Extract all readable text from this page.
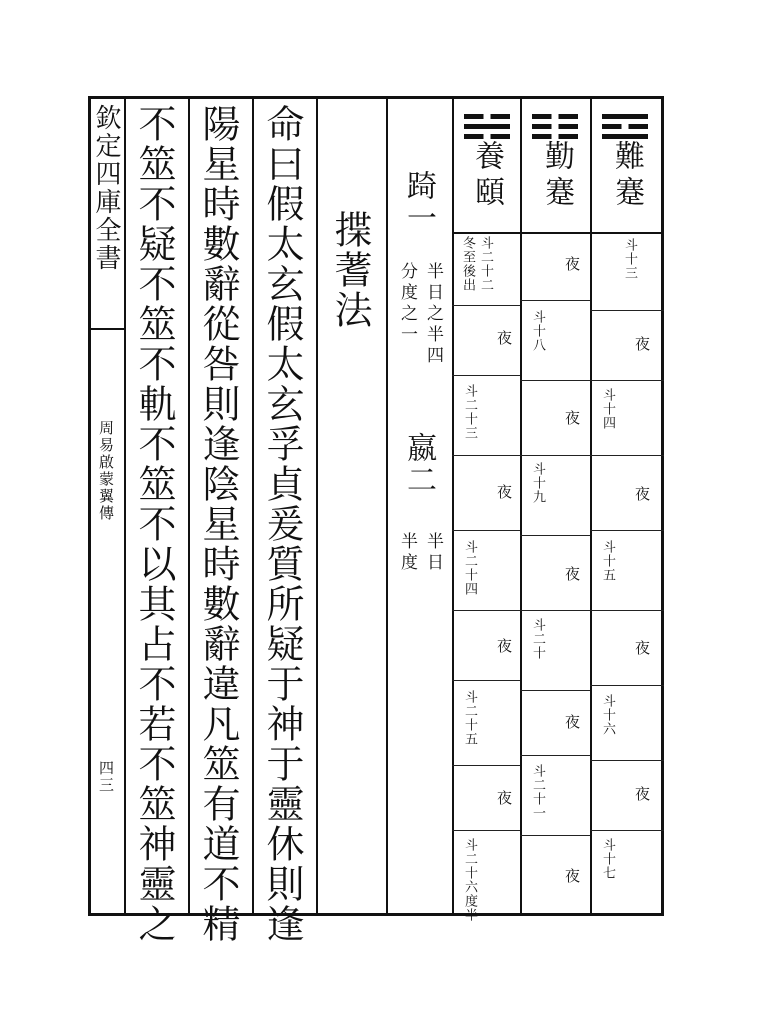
欽定四庫全書
周易啟蒙翼傳
四三	命曰假太玄假太玄孚貞爰質所疑于神于靈休則逢
陽星時數辭從咎則逢陰星時數辭違凡筮有道不精
不筮不疑不筮不軌不筮不以其占不若不筮神靈之	揲蓍法
踦一
半日之半四
分度之一
嬴二
半日
半度
難
蹇
勤
蹇
養
頤
斗十三
夜
斗十四
夜
斗十五
夜
斗十六
夜
斗十七
夜
斗十八
夜
斗十九
夜
斗二十
夜
斗二十一
夜
冬至後出 斗二十二
夜
斗二十三
夜
斗二十四
夜
斗二十五
夜
斗二十六度半
